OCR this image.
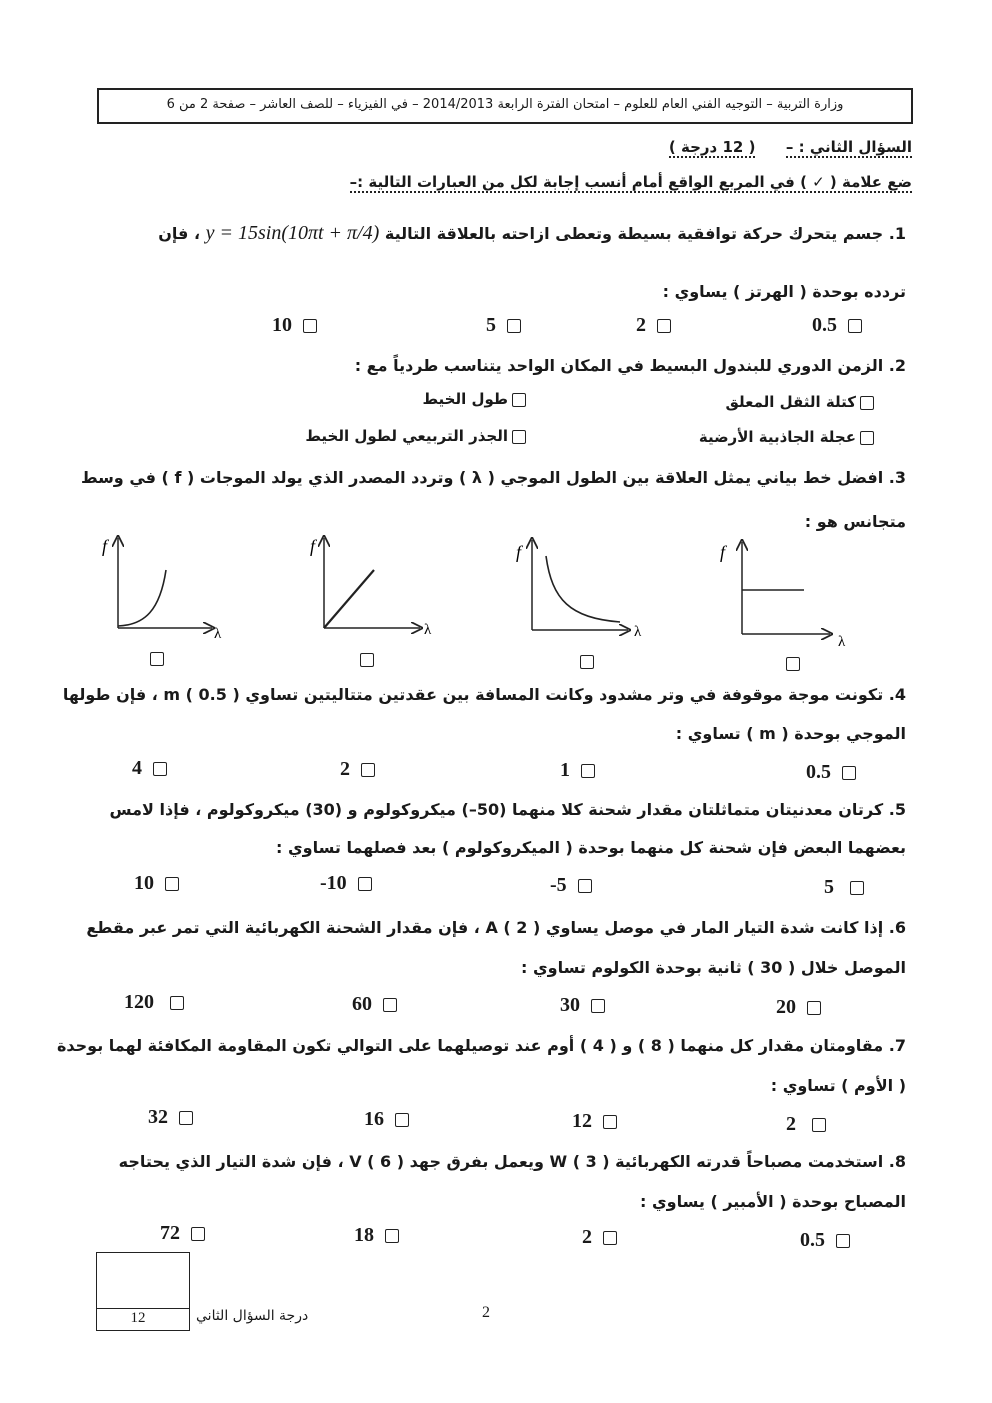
وزارة التربية – التوجيه الفني العام للعلوم – امتحان الفترة الرابعة 2014/2013 – في الفيزياء – للصف العاشر – صفحة 2 من 6
السؤال الثاني : –  ( 12 درجة )
ضع علامة ( ✓ ) في المربع الواقع أمام أنسب إجابة لكل من العبارات التالية :–
1. جسم يتحرك حركة توافقية بسيطة وتعطى ازاحته بالعلاقة التالية y = 15sin(10πt + π/4) ، فإن
تردده بوحدة ( الهرتز ) يساوي :
0.5
2
5
10
2. الزمن الدوري للبندول البسيط في المكان الواحد يتناسب طردياً مع :
كتلة الثقل المعلق
طول الخيط
عجلة الجاذبية الأرضية
الجذر التربيعي لطول الخيط
3. افضل خط بياني يمثل العلاقة بين الطول الموجي ( λ ) وتردد المصدر الذي يولد الموجات ( f ) في وسط
متجانس هو :
f
λ
f
λ
f
λ
f
λ
4. تكونت موجة موقوفة في وتر مشدود وكانت المسافة بين عقدتين متتاليتين تساوي m ( 0.5 ) ، فإن طولها
الموجي بوحدة ( m ) تساوي :
0.5
1
2
4
5. كرتان معدنيتان متماثلتان مقدار شحنة كلا منهما (50–) ميكروكولوم و (30) ميكروكولوم ، فإذا لامس
بعضهما البعض فإن شحنة كل منهما بوحدة ( الميكروكولوم ) بعد فصلهما تساوي :
5
-5
-10
10
6. إذا كانت شدة التيار المار في موصل يساوي A ( 2 ) ، فإن مقدار الشحنة الكهربائية التي تمر عبر مقطع
الموصل خلال ( 30 ) ثانية بوحدة الكولوم تساوي :
20
30
60
120
7. مقاومتان مقدار كل منهما ( 8 ) و ( 4 ) أوم عند توصيلهما على التوالي تكون المقاومة المكافئة لهما بوحدة
( الأوم ) تساوي :
2
12
16
32
8. استخدمت مصباحاً قدرته الكهربائية W ( 3 ) ويعمل بفرق جهد V ( 6 ) ، فإن شدة التيار الذي يحتاجه
المصباح بوحدة ( الأمبير ) يساوي :
0.5
2
18
72
12	درجة السؤال الثاني	2
